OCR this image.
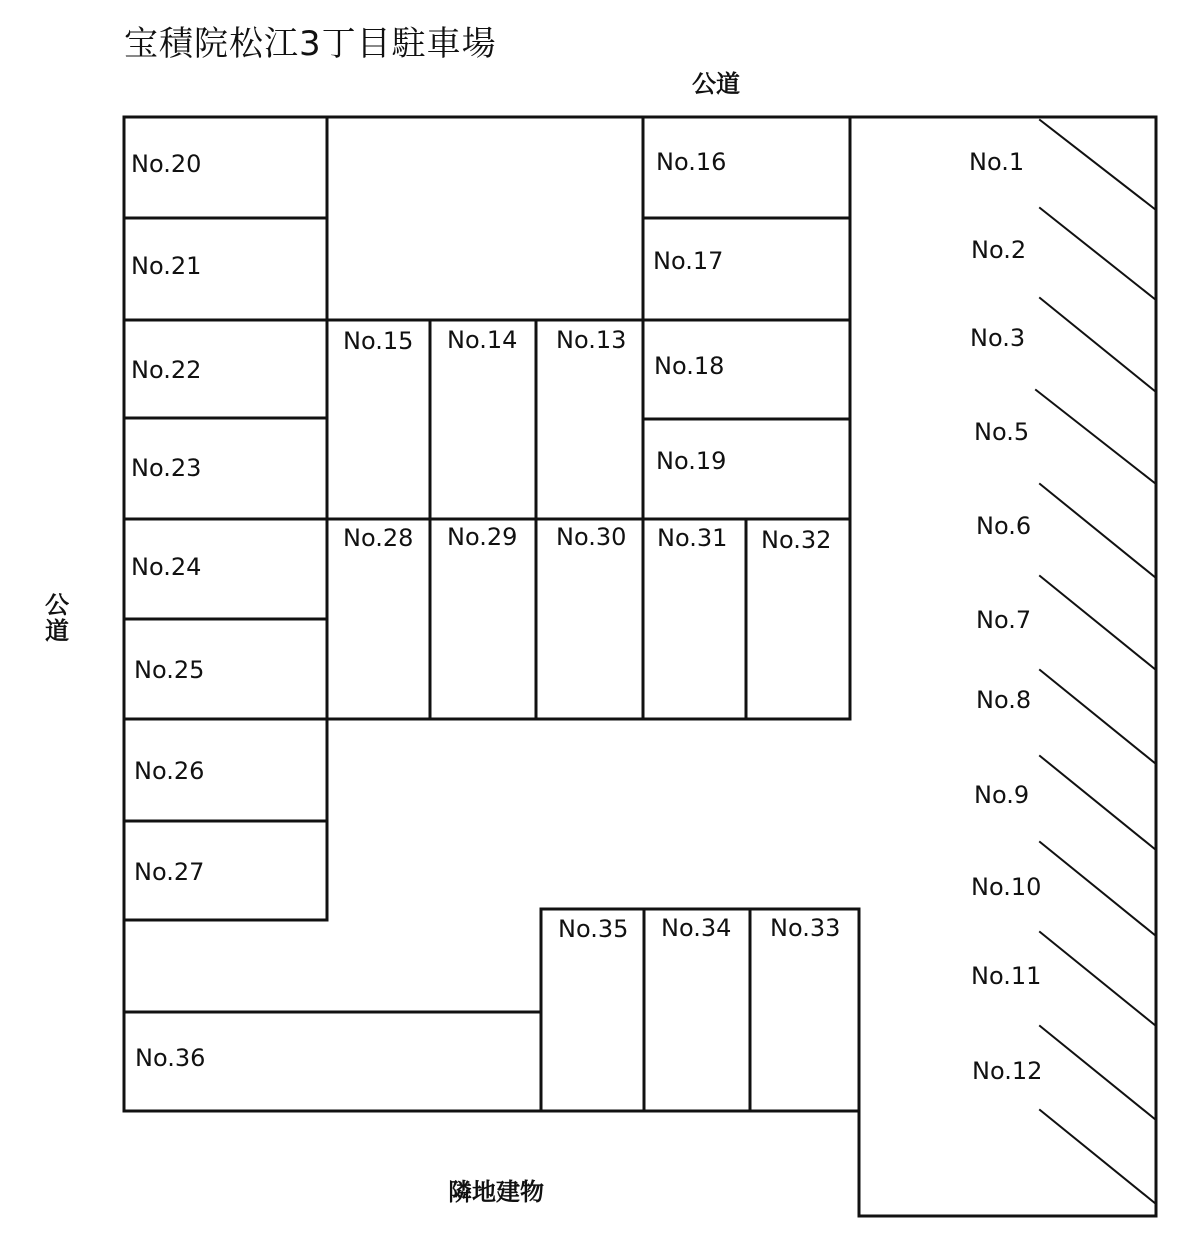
宝積院松江3丁目駐車場
公道
公道
隣地建物
No.1
No.2
No.3
No.5
No.6
No.7
No.8
No.9
No.10
No.11
No.12
No.13
No.14
No.15
No.16
No.17
No.18
No.19
No.20
No.21
No.22
No.23
No.24
No.25
No.26
No.27
No.28 No.29 No.30 No.31 No.32
No.33
No.34
No.35
No.36
